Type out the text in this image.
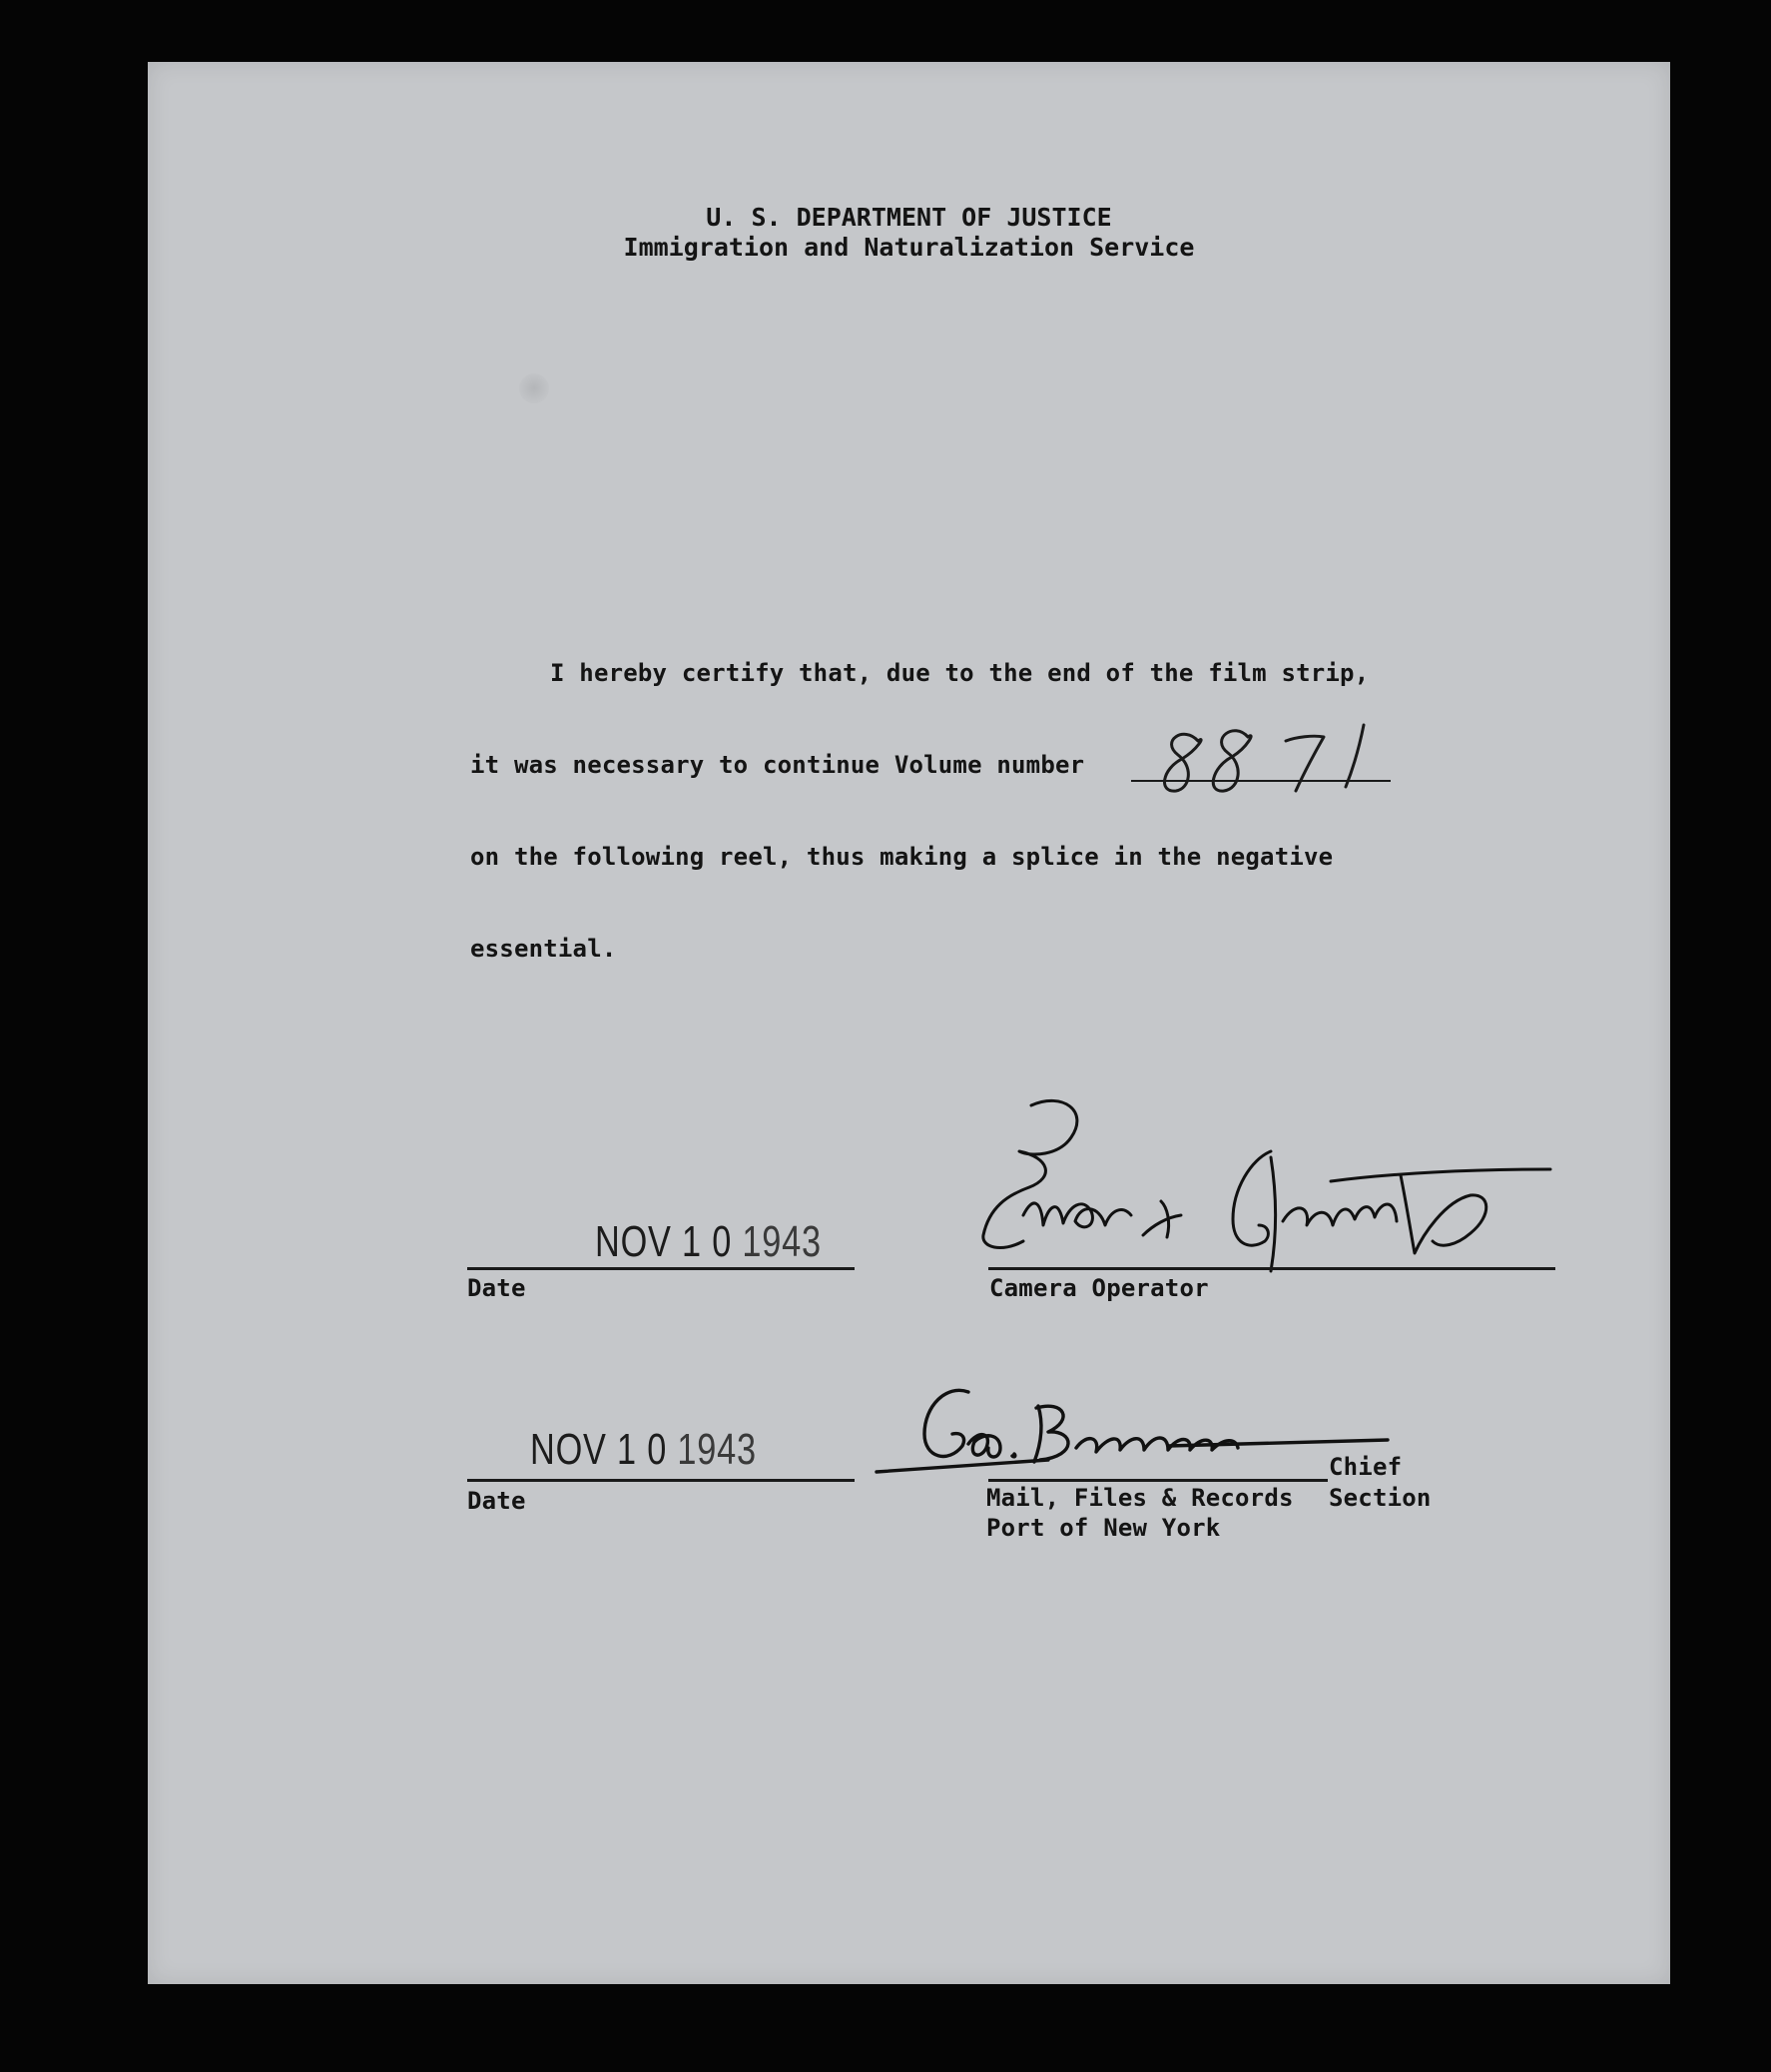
U. S. DEPARTMENT OF JUSTICE
Immigration and Naturalization Service
I hereby certify that, due to the end of the film strip,
it was necessary to continue Volume number
on the following reel, thus making a splice in the negative
essential.
NOV 1 0 1943
Date	Camera Operator
NOV 1 0 1943
Date
Chief
Mail, Files & Records Section
Port of New York
